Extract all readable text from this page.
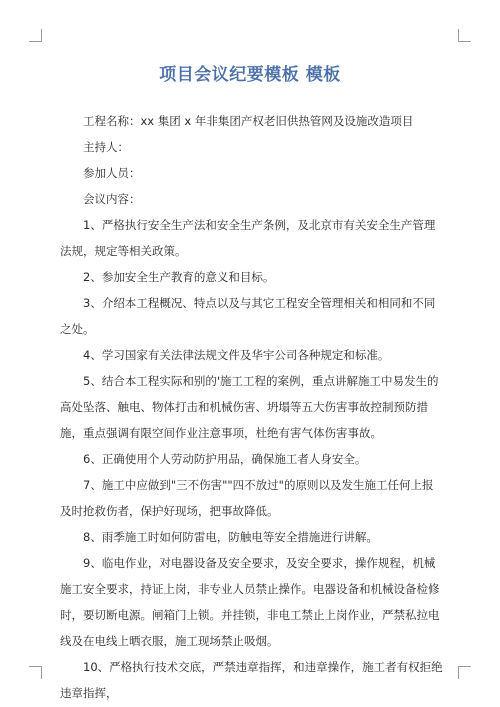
项目会议纪要模板 模板

工程名称：xx 集团 x 年非集团产权老旧供热管网及设施改造项目

主持人：

参加人员：

会议内容：

1、严格执行安全生产法和安全生产条例，及北京市有关安全生产管理法规，规定等相关政策。

2、参加安全生产教育的意义和目标。

3、介绍本工程概况、特点以及与其它工程安全管理相关和相同和不同之处。

4、学习国家有关法律法规文件及华宇公司各种规定和标准。

5、结合本工程实际和别的'施工工程的案例，重点讲解施工中易发生的高处坠落、触电、物体打击和机械伤害、坍塌等五大伤害事故控制预防措施，重点强调有限空间作业注意事项，杜绝有害气体伤害事故。

6、正确使用个人劳动防护用品，确保施工者人身安全。

7、施工中应做到"三不伤害""四不放过"的原则以及发生施工任何上报及时抢救伤者，保护好现场，把事故降低。

8、雨季施工时如何防雷电，防触电等安全措施进行讲解。

9、临电作业，对电器设备及安全要求，及安全要求，操作规程，机械施工安全要求，持证上岗，非专业人员禁止操作。电器设备和机械设备检修时，要切断电源。闸箱门上锁。并挂锁，非电工禁止上岗作业，严禁私拉电线及在电线上晒衣服，施工现场禁止吸烟。

10、严格执行技术交底，严禁违章指挥，和违章操作，施工者有权拒绝违章指挥，
